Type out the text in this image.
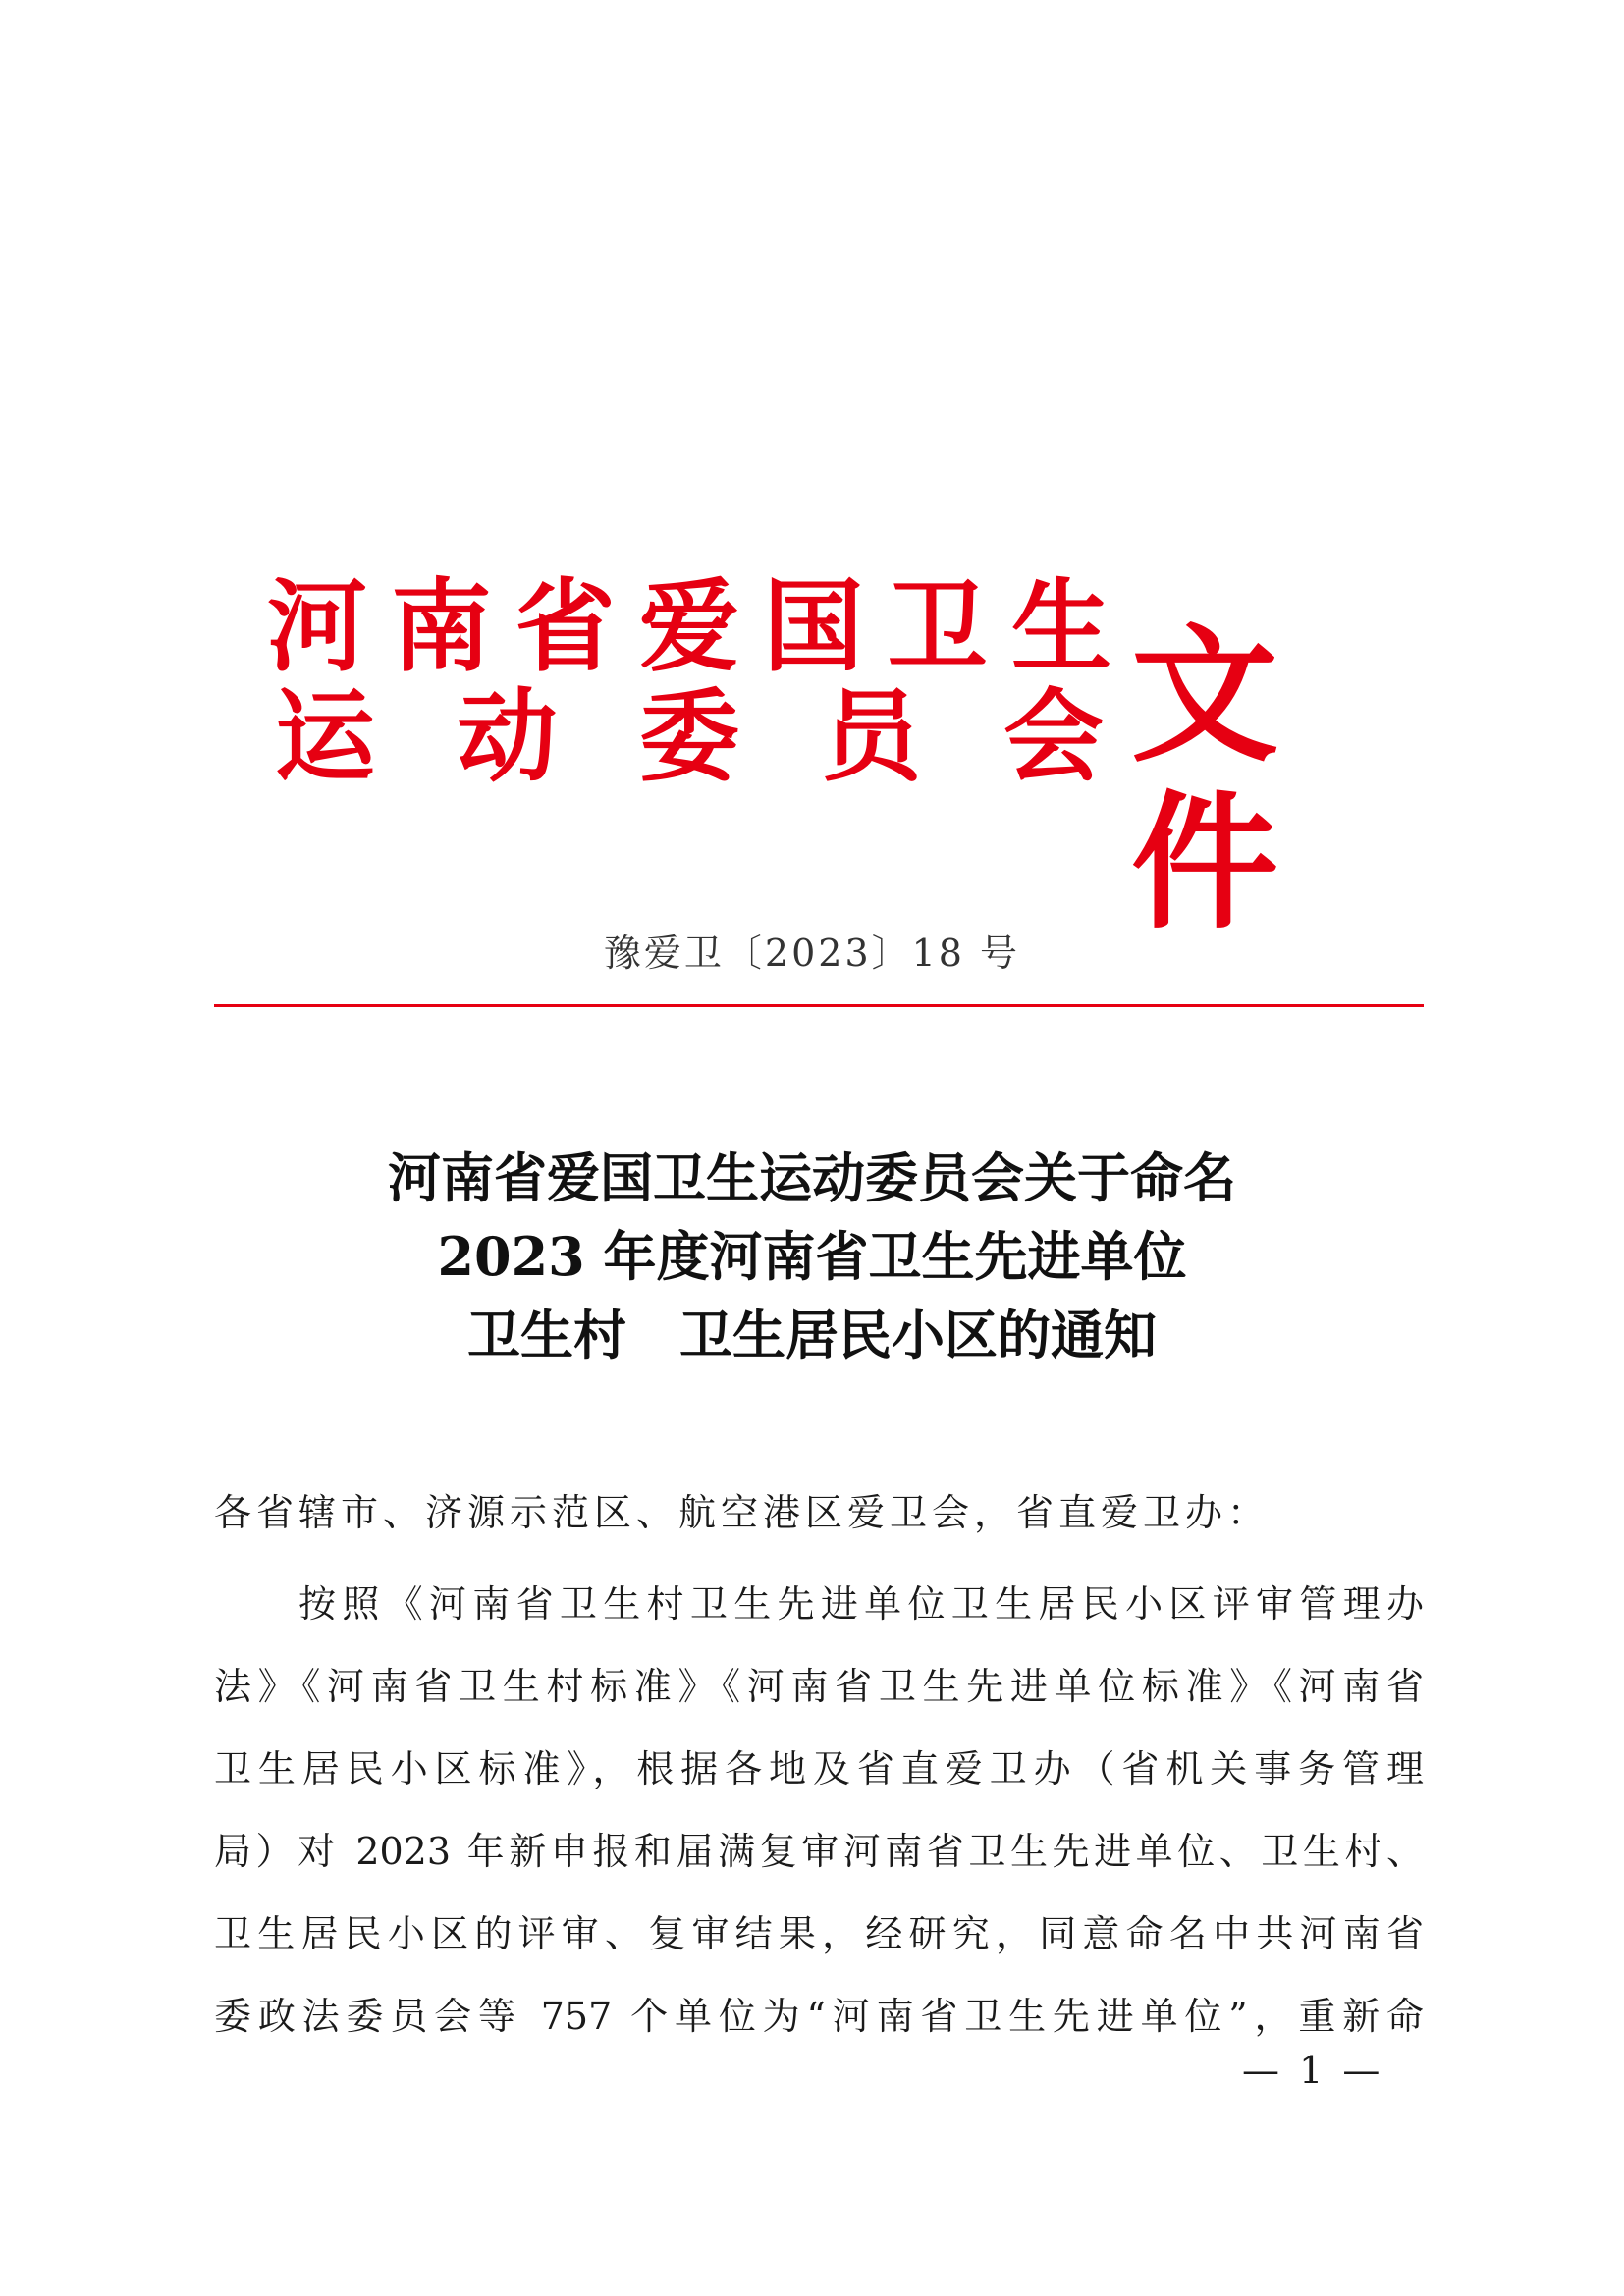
河 南 省 爱 国 卫 生
运 动 委 员 会 文件
豫爱卫〔2023〕18 号
河南省爱国卫生运动委员会关于命名
2023 年度河南省卫生先进单位
卫生村　卫生居民小区的通知
各省辖市、济源示范区、航空港区爱卫会，省直爱卫办：
按照《河南省卫生村卫生先进单位卫生居民小区评审管理办
法》《河南省卫生村标准》《河南省卫生先进单位标准》《河南省
卫生居民小区标准》，根据各地及省直爱卫办（省机关事务管理
局）对 2023 年新申报和届满复审河南省卫生先进单位、卫生村、
卫生居民小区的评审、复审结果，经研究，同意命名中共河南省
委政法委员会等 757 个单位为“河南省卫生先进单位”，重新命
— 1 —
